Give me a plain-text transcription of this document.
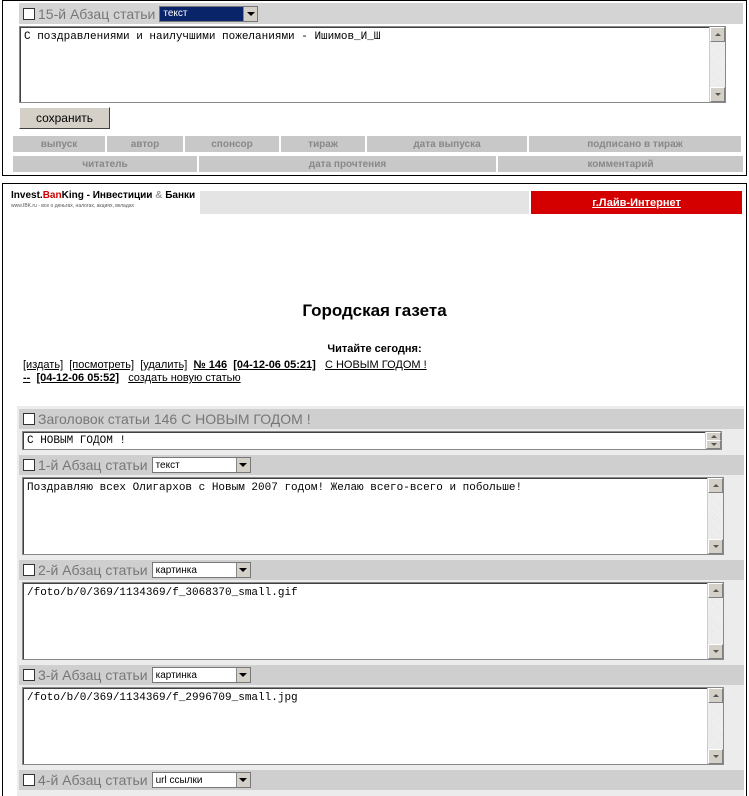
15-й Абзац статьи текст
С поздравлениями и наилучшими пожеланиями - Ишимов_И_Ш
сохранить
выпуск	автор	спонсор	тираж	дата выпуска	подписано в тираж
читатель	дата прочтения	комментарий
Invest.BanKing - Инвестиции & Банки
www.IBK.ru - все о деньгах, налогах, акциях, вкладах	г.Лайв-Интернет
Городская газета
Читайте сегодня:
[издать] [посмотреть] [удалить] № 146 [04-12-06 05:21] С НОВЫМ ГОДОМ !
-- [04-12-06 05:52] создать новую статью
Заголовок статьи 146 С НОВЫМ ГОДОМ !
С НОВЫМ ГОДОМ !
1-й Абзац статьи текст
Поздравляю всех Олигархов с Новым 2007 годом! Желаю всего-всего и побольше!
2-й Абзац статьи картинка
/foto/b/0/369/1134369/f_3068370_small.gif
3-й Абзац статьи картинка
/foto/b/0/369/1134369/f_2996709_small.jpg
4-й Абзац статьи url ссылки
